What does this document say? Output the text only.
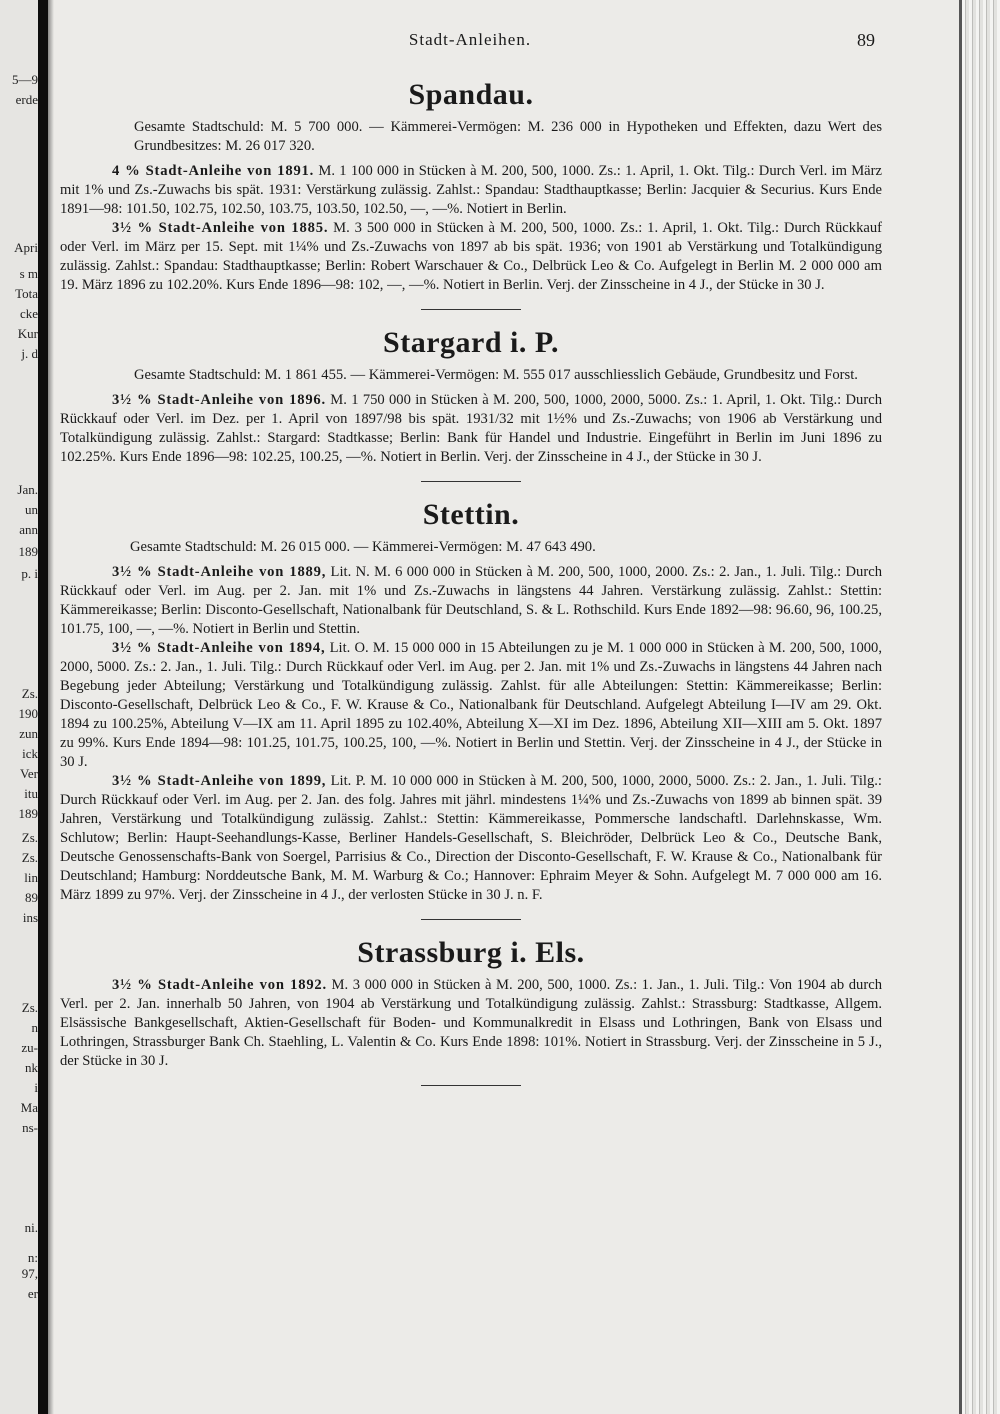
5—9
erde
Apri
s m
Tota
cke
Kur
j. d
Jan.
un
ann
189
p. i
Zs.
190
zun
ick
Ver
itu
189
Zs.
Zs.
lin
89
ins
Zs.
n
zu-
nk
i
Ma
ns-
ni.
n:
97,
er
Stadt-Anleihen.	89
Spandau.
Gesamte Stadtschuld: M. 5 700 000. — Kämmerei-Vermögen: M. 236 000 in Hypotheken und Effekten, dazu Wert des Grundbesitzes: M. 26 017 320.
4 % Stadt-Anleihe von 1891. M. 1 100 000 in Stücken à M. 200, 500, 1000. Zs.: 1. April, 1. Okt. Tilg.: Durch Verl. im März mit 1% und Zs.-Zuwachs bis spät. 1931: Verstärkung zulässig. Zahlst.: Spandau: Stadthauptkasse; Berlin: Jacquier & Securius. Kurs Ende 1891—98: 101.50, 102.75, 102.50, 103.75, 103.50, 102.50, —, —%. Notiert in Berlin.
3½ % Stadt-Anleihe von 1885. M. 3 500 000 in Stücken à M. 200, 500, 1000. Zs.: 1. April, 1. Okt. Tilg.: Durch Rückkauf oder Verl. im März per 15. Sept. mit 1¼% und Zs.-Zuwachs von 1897 ab bis spät. 1936; von 1901 ab Verstärkung und Totalkündigung zulässig. Zahlst.: Spandau: Stadthauptkasse; Berlin: Robert Warschauer & Co., Delbrück Leo & Co. Aufgelegt in Berlin M. 2 000 000 am 19. März 1896 zu 102.20%. Kurs Ende 1896—98: 102, —, —%. Notiert in Berlin. Verj. der Zinsscheine in 4 J., der Stücke in 30 J.
Stargard i. P.
Gesamte Stadtschuld: M. 1 861 455. — Kämmerei-Vermögen: M. 555 017 ausschliesslich Gebäude, Grundbesitz und Forst.
3½ % Stadt-Anleihe von 1896. M. 1 750 000 in Stücken à M. 200, 500, 1000, 2000, 5000. Zs.: 1. April, 1. Okt. Tilg.: Durch Rückkauf oder Verl. im Dez. per 1. April von 1897/98 bis spät. 1931/32 mit 1½% und Zs.-Zuwachs; von 1906 ab Verstärkung und Totalkündigung zulässig. Zahlst.: Stargard: Stadtkasse; Berlin: Bank für Handel und Industrie. Eingeführt in Berlin im Juni 1896 zu 102.25%. Kurs Ende 1896—98: 102.25, 100.25, —%. Notiert in Berlin. Verj. der Zinsscheine in 4 J., der Stücke in 30 J.
Stettin.
Gesamte Stadtschuld: M. 26 015 000. — Kämmerei-Vermögen: M. 47 643 490.
3½ % Stadt-Anleihe von 1889, Lit. N. M. 6 000 000 in Stücken à M. 200, 500, 1000, 2000. Zs.: 2. Jan., 1. Juli. Tilg.: Durch Rückkauf oder Verl. im Aug. per 2. Jan. mit 1% und Zs.-Zuwachs in längstens 44 Jahren. Verstärkung zulässig. Zahlst.: Stettin: Kämmereikasse; Berlin: Disconto-Gesellschaft, Nationalbank für Deutschland, S. & L. Rothschild. Kurs Ende 1892—98: 96.60, 96, 100.25, 101.75, 100, —, —%. Notiert in Berlin und Stettin.
3½ % Stadt-Anleihe von 1894, Lit. O. M. 15 000 000 in 15 Abteilungen zu je M. 1 000 000 in Stücken à M. 200, 500, 1000, 2000, 5000. Zs.: 2. Jan., 1. Juli. Tilg.: Durch Rückkauf oder Verl. im Aug. per 2. Jan. mit 1% und Zs.-Zuwachs in längstens 44 Jahren nach Begebung jeder Abteilung; Verstärkung und Totalkündigung zulässig. Zahlst. für alle Abteilungen: Stettin: Kämmereikasse; Berlin: Disconto-Gesellschaft, Delbrück Leo & Co., F. W. Krause & Co., Nationalbank für Deutschland. Aufgelegt Abteilung I—IV am 29. Okt. 1894 zu 100.25%, Abteilung V—IX am 11. April 1895 zu 102.40%, Abteilung X—XI im Dez. 1896, Abteilung XII—XIII am 5. Okt. 1897 zu 99%. Kurs Ende 1894—98: 101.25, 101.75, 100.25, 100, —%. Notiert in Berlin und Stettin. Verj. der Zinsscheine in 4 J., der Stücke in 30 J.
3½ % Stadt-Anleihe von 1899, Lit. P. M. 10 000 000 in Stücken à M. 200, 500, 1000, 2000, 5000. Zs.: 2. Jan., 1. Juli. Tilg.: Durch Rückkauf oder Verl. im Aug. per 2. Jan. des folg. Jahres mit jährl. mindestens 1¼% und Zs.-Zuwachs von 1899 ab binnen spät. 39 Jahren, Verstärkung und Totalkündigung zulässig. Zahlst.: Stettin: Kämmereikasse, Pommersche landschaftl. Darlehnskasse, Wm. Schlutow; Berlin: Haupt-Seehandlungs-Kasse, Berliner Handels-Gesellschaft, S. Bleichröder, Delbrück Leo & Co., Deutsche Bank, Deutsche Genossenschafts-Bank von Soergel, Parrisius & Co., Direction der Disconto-Gesellschaft, F. W. Krause & Co., Nationalbank für Deutschland; Hamburg: Norddeutsche Bank, M. M. Warburg & Co.; Hannover: Ephraim Meyer & Sohn. Aufgelegt M. 7 000 000 am 16. März 1899 zu 97%. Verj. der Zinsscheine in 4 J., der verlosten Stücke in 30 J. n. F.
Strassburg i. Els.
3½ % Stadt-Anleihe von 1892. M. 3 000 000 in Stücken à M. 200, 500, 1000. Zs.: 1. Jan., 1. Juli. Tilg.: Von 1904 ab durch Verl. per 2. Jan. innerhalb 50 Jahren, von 1904 ab Verstärkung und Totalkündigung zulässig. Zahlst.: Strassburg: Stadtkasse, Allgem. Elsässische Bankgesellschaft, Aktien-Gesellschaft für Boden- und Kommunalkredit in Elsass und Lothringen, Bank von Elsass und Lothringen, Strassburger Bank Ch. Staehling, L. Valentin & Co. Kurs Ende 1898: 101%. Notiert in Strassburg. Verj. der Zinsscheine in 5 J., der Stücke in 30 J.
